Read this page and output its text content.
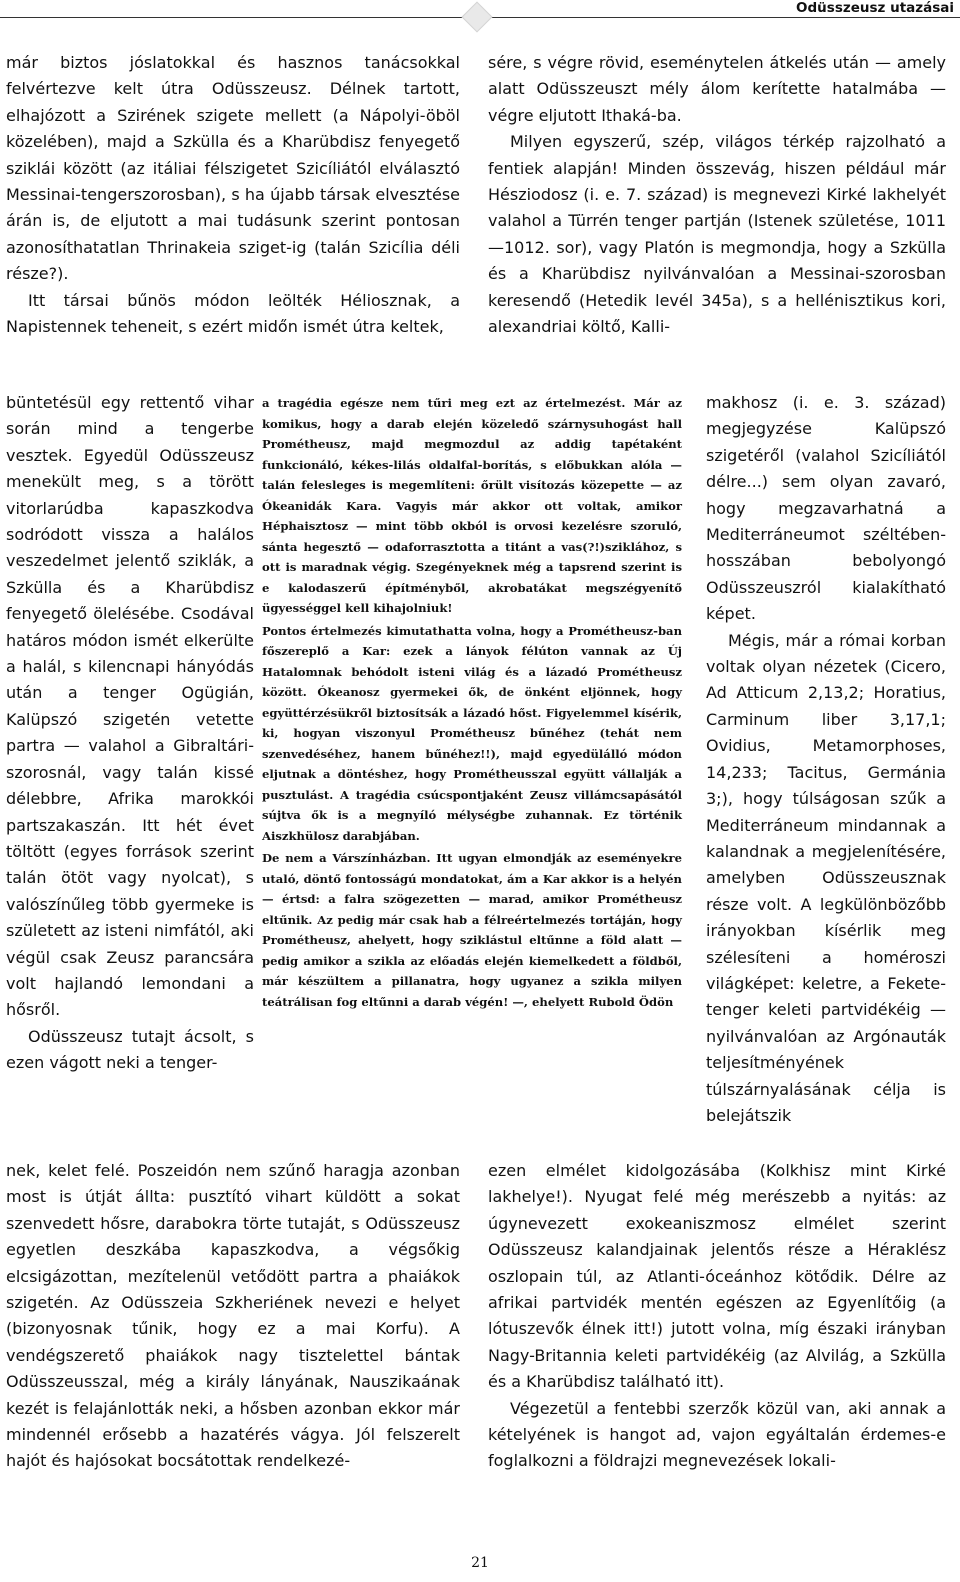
Odüsszeusz utazásai

már biztos jóslatokkal és hasznos tanácsokkal felvértezve kelt útra Odüsszeusz. Délnek tartott, elhajózott a Szirének szigete mellett (a Nápolyi-öböl közelében), majd a Szkülla és a Kharübdisz fenyegető sziklái között (az itáliai félszigetet Szicíliától elválasztó Messinai-tengerszorosban), s ha újabb társak elvesztése árán is, de eljutott a mai tudásunk szerint pontosan azonosíthatatlan Thrinakeia sziget-ig (talán Szicília déli része?).

Itt társai bűnös módon leölték Héliosznak, a Napistennek teheneit, s ezért midőn ismét útra keltek,

büntetésül egy rettentő vihar során mind a tengerbe vesztek. Egyedül Odüsszeusz menekült meg, s a törött vitorlarúdba kapaszkodva sodródott vissza a halálos veszedelmet jelentő sziklák, a Szkülla és a Kharübdisz fenyegető ölelésébe. Csodával határos módon ismét elkerülte a halál, s kilencnapi hányódás után a tenger Ogügián, Kalüpszó szigetén vetette partra — valahol a Gibraltári-szorosnál, vagy talán kissé délebbre, Afrika marokkói partszakaszán. Itt hét évet töltött (egyes források szerint talán ötöt vagy nyolcat), s valószínűleg több gyermeke is született az isteni nimfától, aki végül csak Zeusz parancsára volt hajlandó lemondani a hősről.

Odüsszeusz tutajt ácsolt, s ezen vágott neki a tenger-

a tragédia egésze nem tűri meg ezt az értelmezést. Már az komikus, hogy a darab elején közeledő szárnysuhogást hall Prométheusz, majd megmozdul az addig tapétaként funkcionáló, kékes-lilás oldalfal-borítás, s előbukkan alóla — talán felesleges is megemlíteni: őrült visítozás közepette — az Ókeanidák Kara. Vagyis már akkor ott voltak, amikor Héphaisztosz — mint több okból is orvosi kezelésre szoruló, sánta hegesztő — odaforrasztotta a titánt a vas(?!)sziklához, s ott is maradnak végig. Szegényeknek még a tapsrend szerint is e kalodaszerű építményből, akrobatákat megszégyenítő ügyességgel kell kihajolniuk!

Pontos értelmezés kimutathatta volna, hogy a Prométheusz-ban főszereplő a Kar: ezek a lányok félúton vannak az Új Hatalomnak behódolt isteni világ és a lázadó Prométheusz között. Ókeanosz gyermekei ők, de önként eljönnek, hogy együttérzésükről biztosítsák a lázadó hőst. Figyelemmel kísérik, ki, hogyan viszonyul Prométheusz bűnéhez (tehát nem szenvedéséhez, hanem bűnéhez!!), majd egyedülálló módon eljutnak a döntéshez, hogy Prométheusszal együtt vállalják a pusztulást. A tragédia csúcspontjaként Zeusz villámcsapásától sújtva ők is a megnyíló mélységbe zuhannak. Ez történik Aiszkhülosz darabjában.

De nem a Várszínházban. Itt ugyan elmondják az eseményekre utaló, döntő fontosságú mondatokat, ám a Kar akkor is a helyén — értsd: a falra szögezetten — marad, amikor Prométheusz eltűnik. Az pedig már csak hab a félreértelmezés tortáján, hogy Prométheusz, ahelyett, hogy sziklástul eltűnne a föld alatt — pedig amikor a szikla az előadás elején kiemelkedett a földből, már készültem a pillanatra, hogy ugyanez a szikla milyen teátrálisan fog eltűnni a darab végén! —, ehelyett Rubold Ödön

nek, kelet felé. Poszeidón nem szűnő haragja azonban most is útját állta: pusztító vihart küldött a sokat szenvedett hősre, darabokra törte tutaját, s Odüsszeusz egyetlen deszkába kapaszkodva, a végsőkig elcsigázottan, mezítelenül vetődött partra a phaiákok szigetén. Az Odüsszeia Szkheriének nevezi e helyet (bizonyosnak tűnik, hogy ez a mai Korfu). A vendégszerető phaiákok nagy tisztelettel bántak Odüsszeusszal, még a király lányának, Nauszikaának kezét is felajánlották neki, a hősben azonban ekkor már mindennél erősebb a hazatérés vágya. Jól felszerelt hajót és hajósokat bocsátottak rendelkezé-

sére, s végre rövid, eseménytelen átkelés után — amely alatt Odüsszeuszt mély álom kerítette hatalmába — végre eljutott Ithaká-ba.

Milyen egyszerű, szép, világos térkép rajzolható a fentiek alapján! Minden összevág, hiszen például már Hésziodosz (i. e. 7. század) is megnevezi Kirké lakhelyét valahol a Türrén tenger partján (Istenek születése, 1011—1012. sor), vagy Platón is megmondja, hogy a Szkülla és a Kharübdisz nyilvánvalóan a Messinai-szorosban keresendő (Hetedik levél 345a), s a hellénisztikus kori, alexandriai költő, Kalli-

makhosz (i. e. 3. század) megjegyzése Kalüpszó szigetéről (valahol Szicíliától délre...) sem olyan zavaró, hogy megzavarhatná a Mediterráneumot széltében-hosszában bebolyongó Odüsszeuszról kialakítható képet.

Mégis, már a római korban voltak olyan nézetek (Cicero, Ad Atticum 2,13,2; Horatius, Carminum liber 3,17,1; Ovidius, Metamorphoses, 14,233; Tacitus, Germánia 3;), hogy túlságosan szűk a Mediterráneum mindannak a kalandnak a megjelenítésére, amelyben Odüsszeusznak része volt. A legkülönbözőbb irányokban kísérlik meg szélesíteni a homéroszi világképet: keletre, a Fekete-tenger keleti partvidékéig — nyilvánvalóan az Argónauták teljesítményének túlszárnyalásának célja is belejátszik

ezen elmélet kidolgozásába (Kolkhisz mint Kirké lakhelye!). Nyugat felé még merészebb a nyitás: az úgynevezett exokeaniszmosz elmélet szerint Odüsszeusz kalandjainak jelentős része a Héraklész oszlopain túl, az Atlanti-óceánhoz kötődik. Délre az afrikai partvidék mentén egészen az Egyenlítőig (a lótuszevők élnek itt!) jutott volna, míg északi irányban Nagy-Britannia keleti partvidékéig (az Alvilág, a Szkülla és a Kharübdisz található itt).

Végezetül a fentebbi szerzők közül van, aki annak a kételyének is hangot ad, vajon egyáltalán érdemes-e foglalkozni a földrajzi megnevezések lokali-

21
